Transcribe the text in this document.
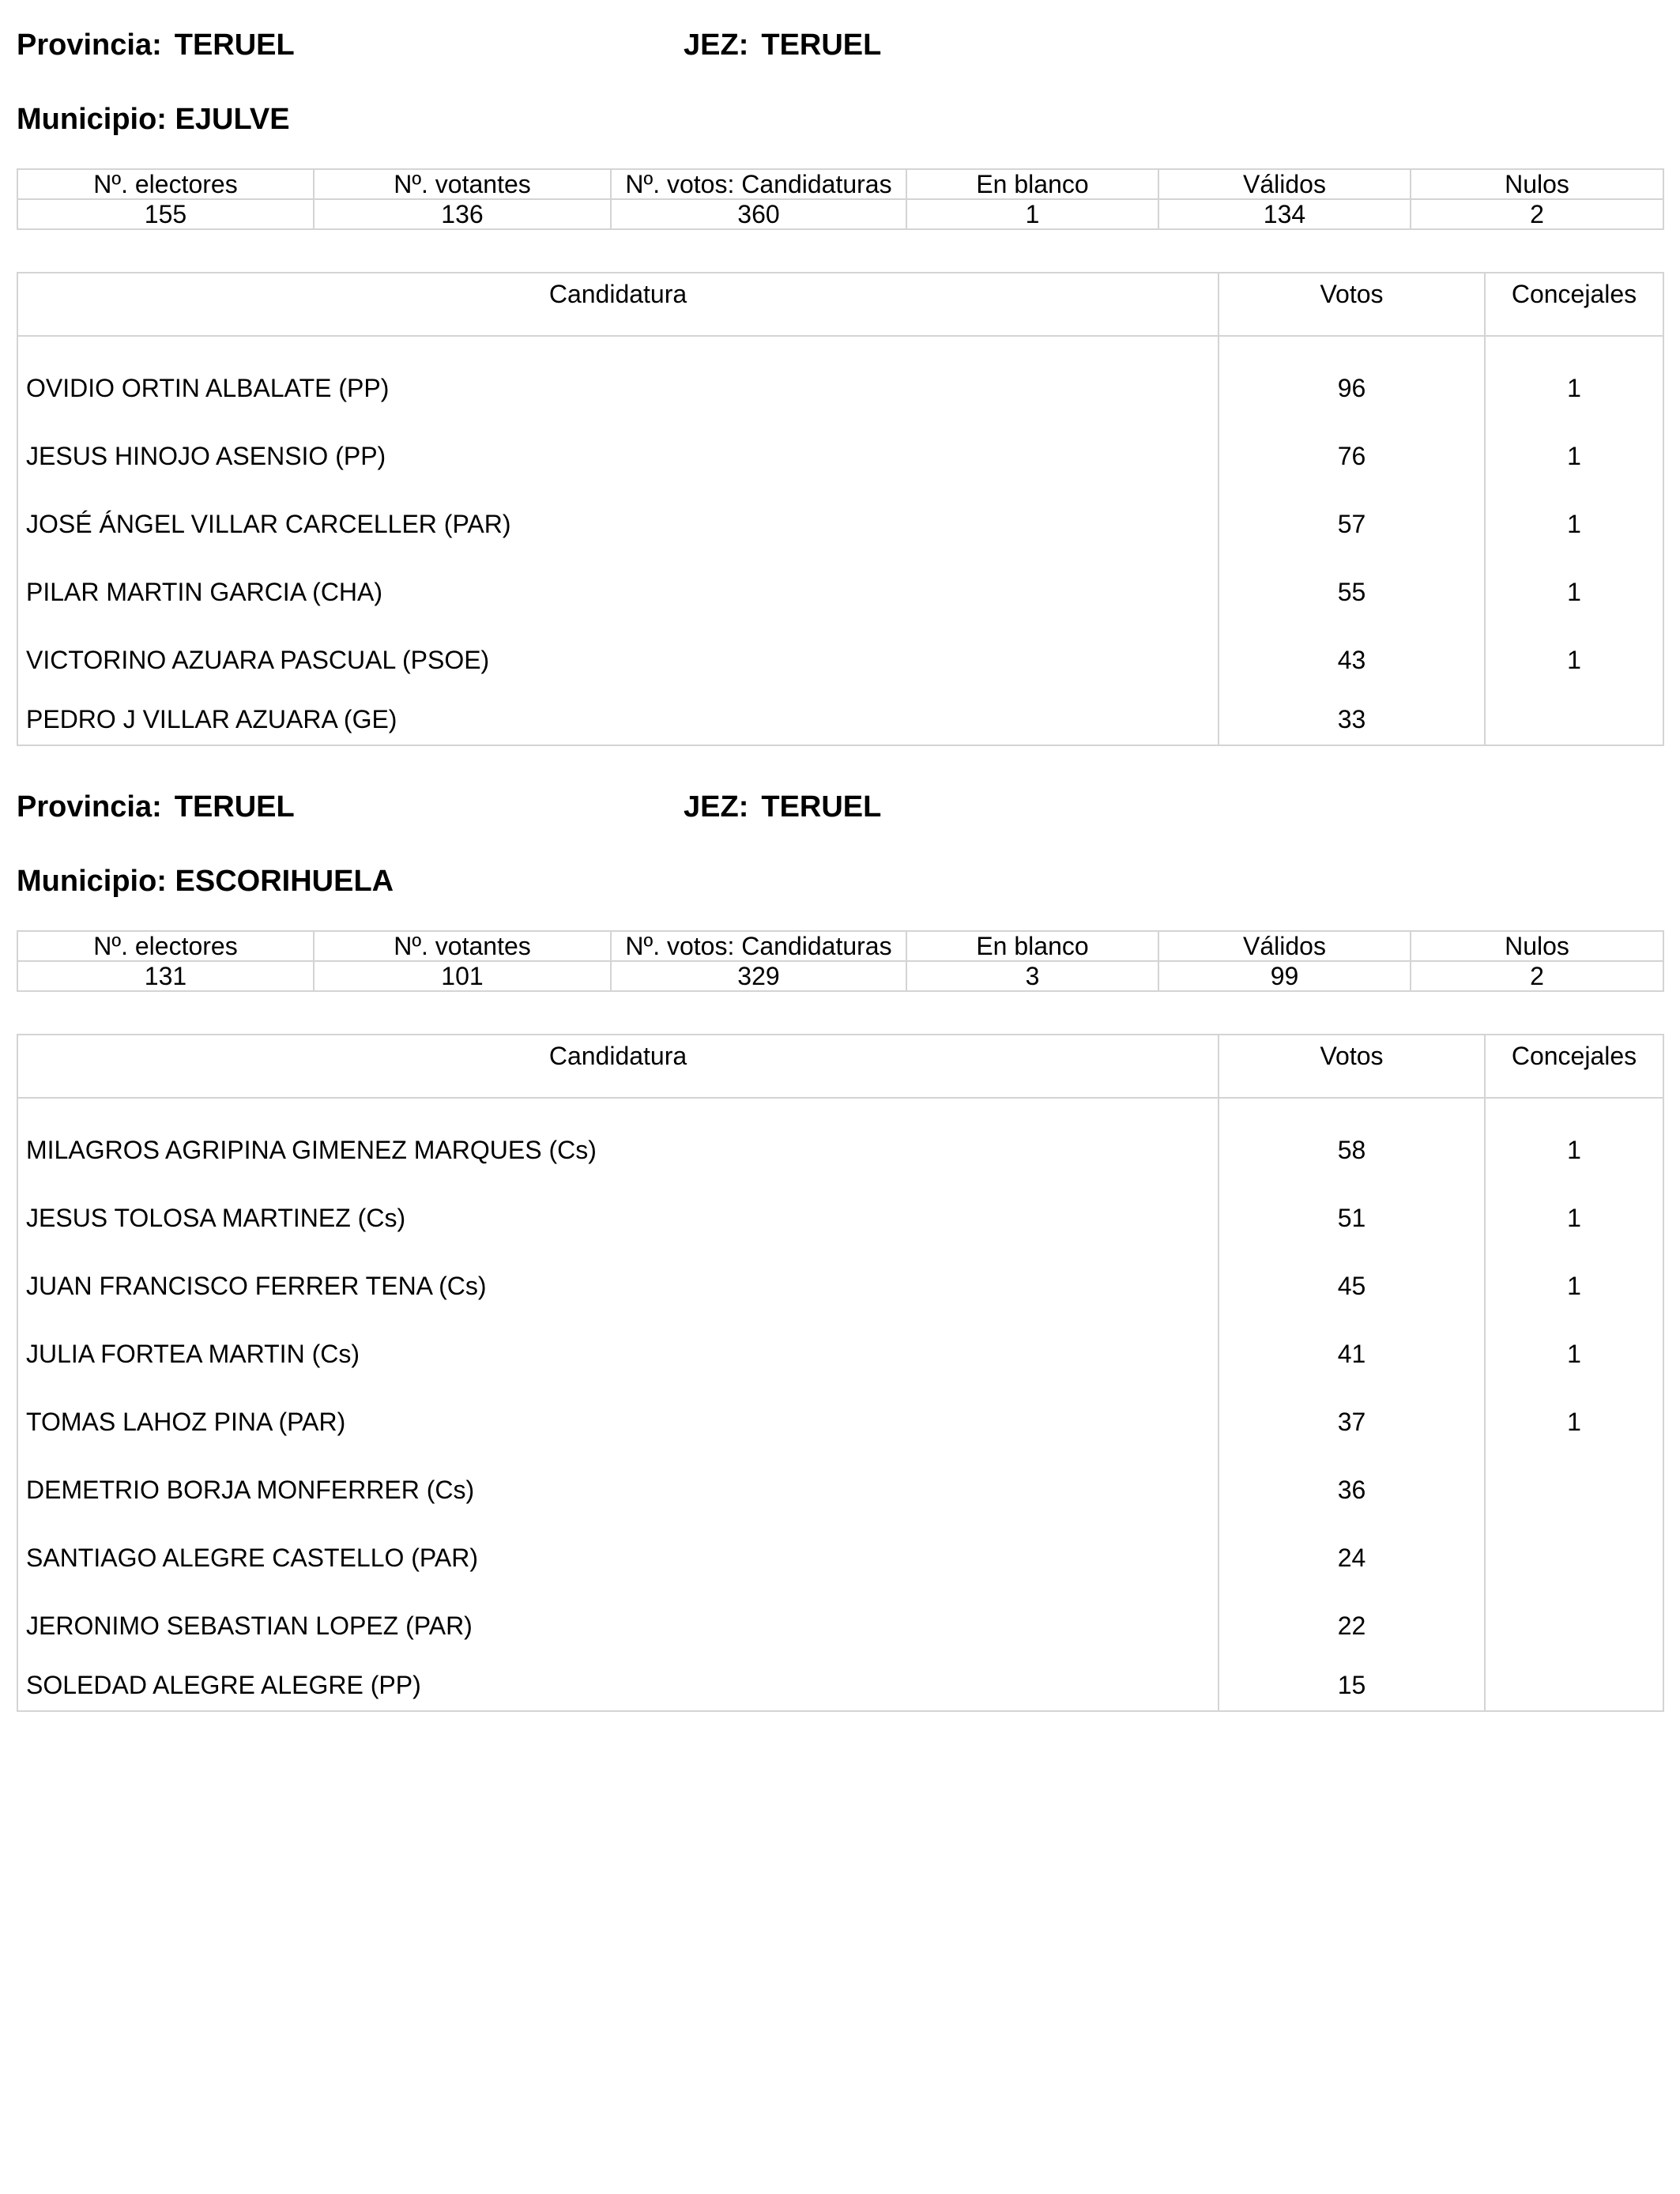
Provincia: TERUEL	JEZ: TERUEL
Municipio: EJULVE
Nº. electores	Nº. votantes	Nº. votos: Candidaturas	En blanco	Válidos	Nulos
155	136	360	1	134	2
Candidatura	Votos	Concejales

OVIDIO ORTIN ALBALATE (PP)	96	1
JESUS HINOJO ASENSIO (PP)	76	1
JOSÉ ÁNGEL VILLAR CARCELLER (PAR)	57	1
PILAR MARTIN GARCIA (CHA)	55	1
VICTORINO AZUARA PASCUAL (PSOE)	43	1
PEDRO J VILLAR AZUARA (GE)	33	
Provincia: TERUEL	JEZ: TERUEL
Municipio: ESCORIHUELA
Nº. electores	Nº. votantes	Nº. votos: Candidaturas	En blanco	Válidos	Nulos
131	101	329	3	99	2
Candidatura	Votos	Concejales

MILAGROS AGRIPINA GIMENEZ MARQUES (Cs)	58	1
JESUS TOLOSA MARTINEZ (Cs)	51	1
JUAN FRANCISCO FERRER TENA (Cs)	45	1
JULIA FORTEA MARTIN (Cs)	41	1
TOMAS LAHOZ PINA (PAR)	37	1
DEMETRIO BORJA MONFERRER (Cs)	36	
SANTIAGO ALEGRE CASTELLO (PAR)	24	
JERONIMO SEBASTIAN LOPEZ (PAR)	22	
SOLEDAD ALEGRE ALEGRE (PP)	15	
